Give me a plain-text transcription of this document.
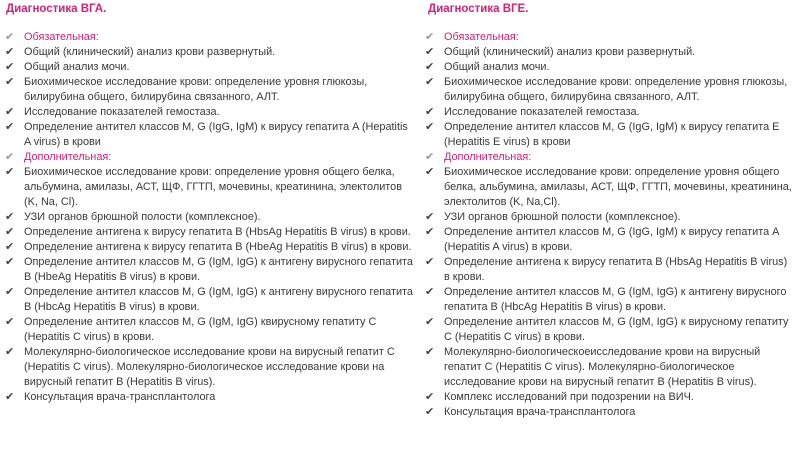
Диагностика ВГА.
✔ Обязательная:
✔ Общий (клинический) анализ крови развернутый.
✔ Общий анализ мочи.
✔ Биохимическое исследование крови: определение уровня глюкозы, билирубина общего, билирубина связанного, АЛТ.
✔ Исследование показателей гемостаза.
✔ Определение антител классов M, G (IgG, IgM) к вирусу гепатита A (Hepatitis A virus) в крови
✔ Дополнительная:
✔ Биохимическое исследование крови: определение уровня общего белка, альбумина, амилазы, АСТ, ЩФ, ГГТП, мочевины, креатинина, электолитов (K, Na, Cl).
✔ УЗИ органов брюшной полости (комплексное).
✔ Определение антигена к вирусу гепатита B (HbsAg Hepatitis B virus) в крови.
✔ Определение антигена к вирусу гепатита B (HbeAg Hepatitis B virus) в крови.
✔ Определение антител классов M, G (IgM, IgG) к антигену вирусного гепатита B (HbeAg Hepatitis B virus) в крови.
✔ Определение антител классов M, G (IgM, IgG) к антигену вирусного гепатита B (HbcAg Hepatitis B virus) в крови.
✔ Определение антител классов M, G (IgM, IgG) квирусному гепатиту C (Hepatitis C virus) в крови.
✔ Молекулярно-биологическое исследование крови на вирусный гепатит C (Hepatitis C virus). Молекулярно-биологическое исследование крови на вирусный гепатит B (Hepatitis B virus).
✔ Консультация врача-трансплантолога
Диагностика ВГЕ.
✔ Обязательная:
✔ Общий (клинический) анализ крови развернутый.
✔ Общий анализ мочи.
✔ Биохимическое исследование крови: определение уровня глюкозы, билирубина общего, билирубина связанного, АЛТ.
✔ Исследование показателей гемостаза.
✔ Определение антител классов M, G (IgG, IgM) к вирусу гепатита E (Hepatitis E virus) в крови
✔ Дополнительная:
✔ Биохимическое исследование крови: определение уровня общего белка, альбумина, амилазы, АСТ, ЩФ, ГГТП, мочевины, креатинина, электолитов (K, Na,Cl).
✔ УЗИ органов брюшной полости (комплексное).
✔ Определение антител классов M, G (IgG, IgM) к вирусу гепатита A (Hepatitis A virus) в крови.
✔ Определение антигена к вирусу гепатита B (HbsAg Hepatitis B virus) в крови.
✔ Определение антител классов M, G (IgM, IgG) к антигену вирусного гепатита B (HbcAg Hepatitis B virus) в крови.
✔ Определение антител классов M, G (IgM, IgG) к вирусному гепатиту C (Hepatitis C virus) в крови.
✔ Молекулярно-биологическоеисследование крови на вирусный гепатит C (Hepatitis C virus). Молекулярно-биологическое исследование крови на вирусный гепатит B (Hepatitis B virus).
✔ Комплекс исследований при подозрении на ВИЧ.
✔ Консультация врача-трансплантолога
